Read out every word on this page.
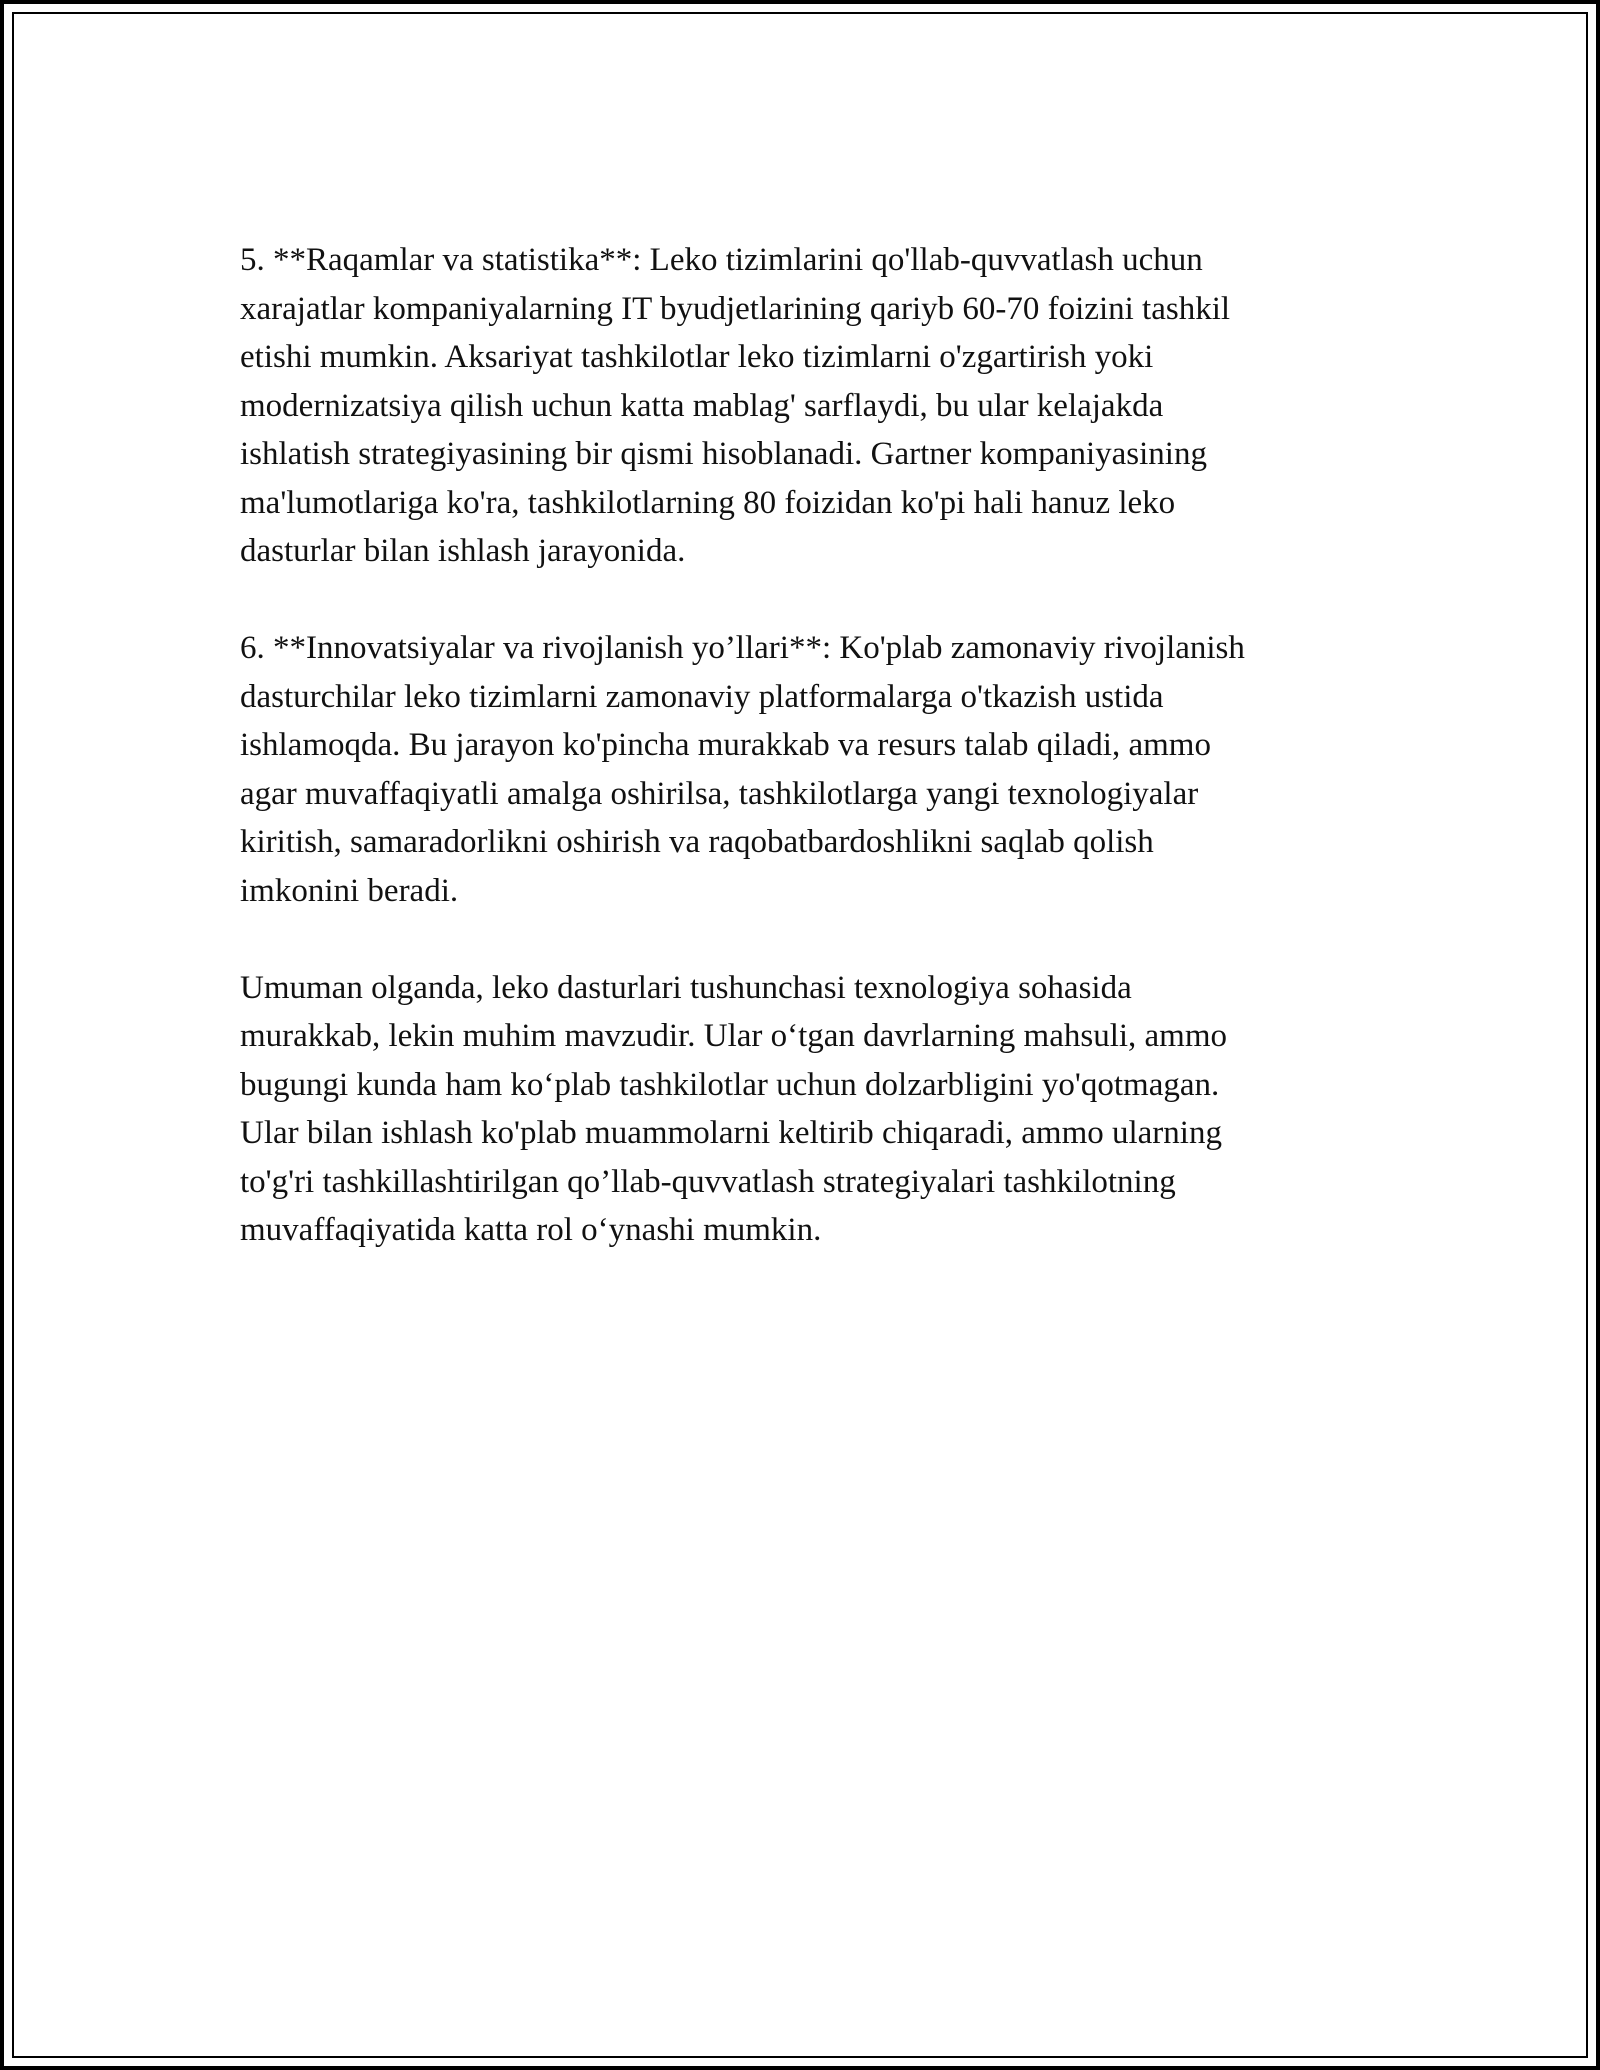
5. **Raqamlar va statistika**: Leko tizimlarini qo'llab-quvvatlash uchun
xarajatlar kompaniyalarning IT byudjetlarining qariyb 60-70 foizini tashkil
etishi mumkin. Aksariyat tashkilotlar leko tizimlarni o'zgartirish yoki
modernizatsiya qilish uchun katta mablag' sarflaydi, bu ular kelajakda
ishlatish strategiyasining bir qismi hisoblanadi. Gartner kompaniyasining
ma'lumotlariga ko'ra, tashkilotlarning 80 foizidan ko'pi hali hanuz leko
dasturlar bilan ishlash jarayonida.

6. **Innovatsiyalar va rivojlanish yo’llari**: Ko'plab zamonaviy rivojlanish
dasturchilar leko tizimlarni zamonaviy platformalarga o'tkazish ustida
ishlamoqda. Bu jarayon ko'pincha murakkab va resurs talab qiladi, ammo
agar muvaffaqiyatli amalga oshirilsa, tashkilotlarga yangi texnologiyalar
kiritish, samaradorlikni oshirish va raqobatbardoshlikni saqlab qolish
imkonini beradi.

Umuman olganda, leko dasturlari tushunchasi texnologiya sohasida
murakkab, lekin muhim mavzudir. Ular o‘tgan davrlarning mahsuli, ammo
bugungi kunda ham ko‘plab tashkilotlar uchun dolzarbligini yo'qotmagan.
Ular bilan ishlash ko'plab muammolarni keltirib chiqaradi, ammo ularning
to'g'ri tashkillashtirilgan qo’llab-quvvatlash strategiyalari tashkilotning
muvaffaqiyatida katta rol o‘ynashi mumkin.
